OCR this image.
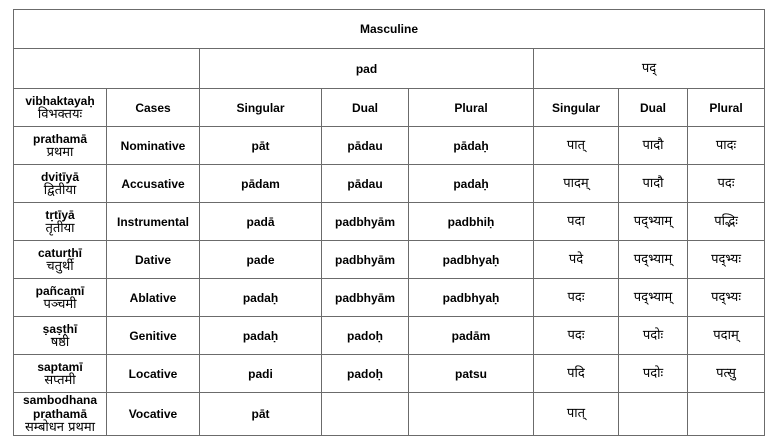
Masculine							
		pad			पद्		

vibhaktayaḥ
विभक्तयः	Cases	Singular	Dual	Plural	Singular	Dual	Plural

prathamā
प्रथमा	Nominative	pāt	pādau	pādaḥ	पात्	पादौ	पादः

dvitīyā
द्वितीया	Accusative	pādam	pādau	padaḥ	पादम्	पादौ	पदः

tṛtīyā
तृतीया	Instrumental	padā	padbhyām	padbhiḥ	पदा	पद्भ्याम्	पद्भिः

caturthī
चतुर्थी	Dative	pade	padbhyām	padbhyaḥ	पदे	पद्भ्याम्	पद्भ्यः

pañcamī
पञ्चमी	Ablative	padaḥ	padbhyām	padbhyaḥ	पदः	पद्भ्याम्	पद्भ्यः

ṣaṣṭhī
षष्ठी	Genitive	padaḥ	padoḥ	padām	पदः	पदोः	पदाम्

saptamī
सप्तमी	Locative	padi	padoḥ	patsu	पदि	पदोः	पत्सु

sambodhana
prathamā
सम्बोधन प्रथमा	Vocative	pāt			पात्		
